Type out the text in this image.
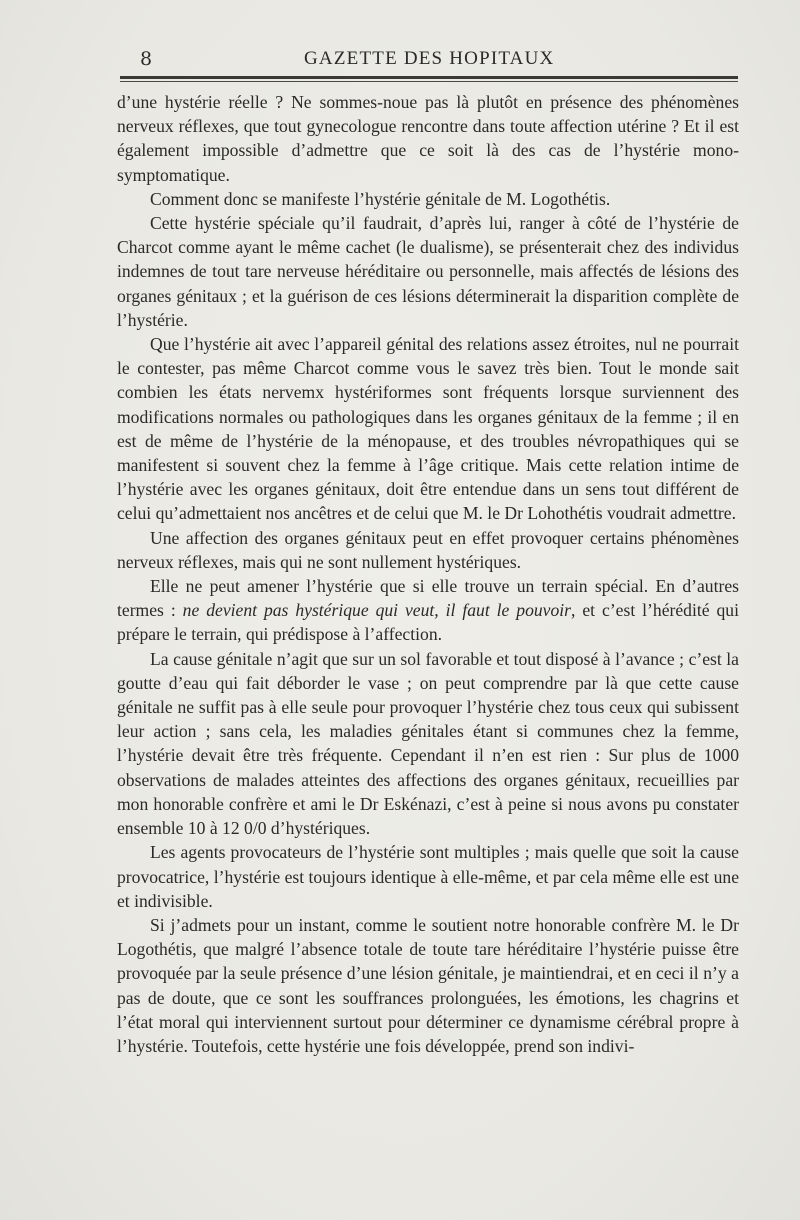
8	GAZETTE DES HOPITAUX

d’une hystérie réelle ? Ne sommes-noue pas là plutôt en présence des phénomènes nerveux réflexes, que tout gynecologue rencontre dans toute affection utérine ? Et il est également impossible d’admettre que ce soit là des cas de l’hystérie mono-symptomatique.

Comment donc se manifeste l’hystérie génitale de M. Logothétis.

Cette hystérie spéciale qu’il faudrait, d’après lui, ranger à côté de l’hystérie de Charcot comme ayant le même cachet (le dualisme), se présenterait chez des individus indemnes de tout tare nerveuse héréditaire ou personnelle, mais affectés de lésions des organes génitaux ; et la guérison de ces lésions déterminerait la disparition complète de l’hystérie.

Que l’hystérie ait avec l’appareil génital des relations assez étroites, nul ne pourrait le contester, pas même Charcot comme vous le savez très bien. Tout le monde sait combien les états nervemx hystériformes sont fréquents lorsque surviennent des modifications normales ou pathologiques dans les organes génitaux de la femme ; il en est de même de l’hystérie de la ménopause, et des troubles névropathiques qui se manifestent si souvent chez la femme à l’âge critique. Mais cette relation intime de l’hystérie avec les organes génitaux, doit être entendue dans un sens tout différent de celui qu’admettaient nos ancêtres et de celui que M. le Dr Lohothétis voudrait admettre.

Une affection des organes génitaux peut en effet provoquer certains phénomènes nerveux réflexes, mais qui ne sont nullement hystériques.

Elle ne peut amener l’hystérie que si elle trouve un terrain spécial. En d’autres termes : ne devient pas hystérique qui veut, il faut le pouvoir, et c’est l’hérédité qui prépare le terrain, qui prédispose à l’affection.

La cause génitale n’agit que sur un sol favorable et tout disposé à l’avance ; c’est la goutte d’eau qui fait déborder le vase ; on peut comprendre par là que cette cause génitale ne suffit pas à elle seule pour provoquer l’hystérie chez tous ceux qui subissent leur action ; sans cela, les maladies génitales étant si communes chez la femme, l’hystérie devait être très fréquente. Cependant il n’en est rien : Sur plus de 1000 observations de malades atteintes des affections des organes génitaux, recueillies par mon honorable confrère et ami le Dr Eskénazi, c’est à peine si nous avons pu constater ensemble 10 à 12 0/0 d’hystériques.

Les agents provocateurs de l’hystérie sont multiples ; mais quelle que soit la cause provocatrice, l’hystérie est toujours identique à elle-même, et par cela même elle est une et indivisible.

Si j’admets pour un instant, comme le soutient notre honorable confrère M. le Dr Logothétis, que malgré l’absence totale de toute tare héréditaire l’hystérie puisse être provoquée par la seule présence d’une lésion génitale, je maintiendrai, et en ceci il n’y a pas de doute, que ce sont les souffrances prolonguées, les émotions, les chagrins et l’état moral qui interviennent surtout pour déterminer ce dynamisme cérébral propre à l’hystérie. Toutefois, cette hystérie une fois développée, prend son indivi-
